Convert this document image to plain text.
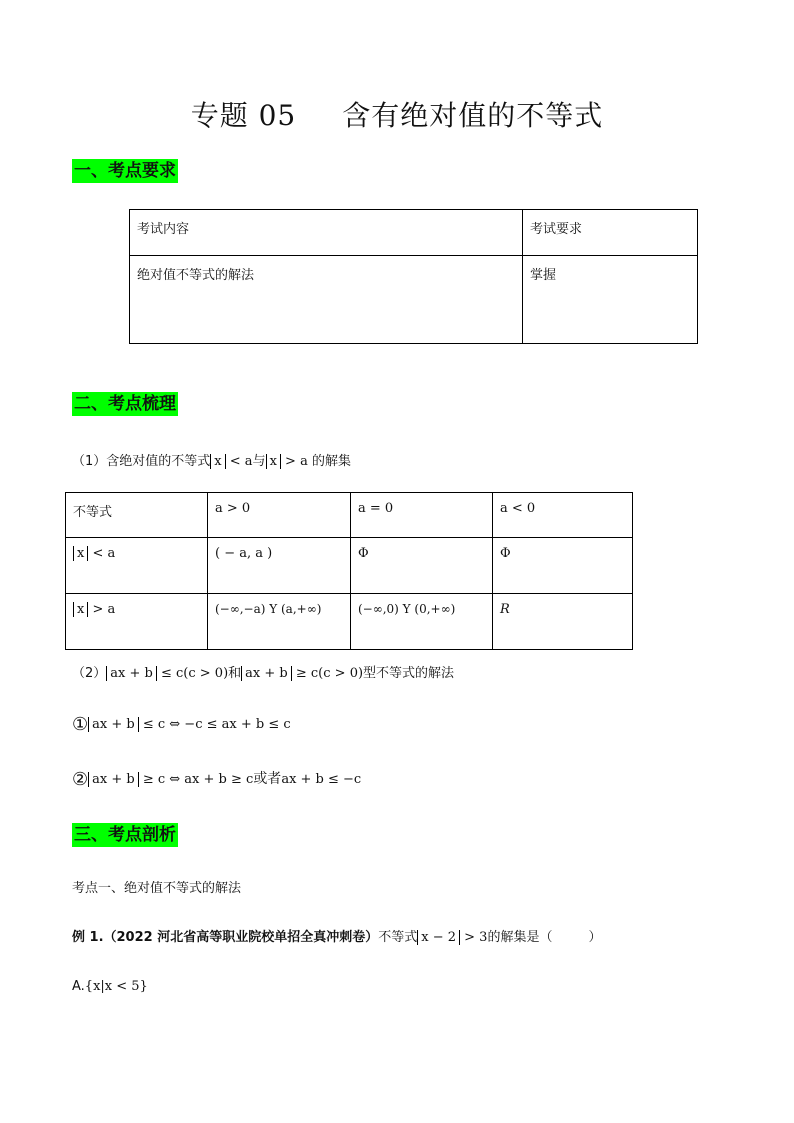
专题 05 含有绝对值的不等式
一、考点要求
考试内容	考试要求
绝对值不等式的解法	掌握
二、考点梳理
（1）含绝对值的不等式 x < a与 x > a 的解集
不等式	a > 0	a = 0	a < 0
x < a	( − a, a )	Φ	Φ
x > a	(−∞,−a) Y (a,+∞)	(−∞,0) Y (0,+∞)	R
（2） ax + b ≤ c(c > 0)和 ax + b ≥ c(c > 0)型不等式的解法
① ax + b ≤ c ⇔ −c ≤ ax + b ≤ c
② ax + b ≥ c ⇔ ax + b ≥ c或者ax + b ≤ −c
三、考点剖析
考点一、绝对值不等式的解法
例 1.（2022 河北省高等职业院校单招全真冲刺卷）不等式 x − 2 > 3的解集是（	）
A.{x|x < 5}
